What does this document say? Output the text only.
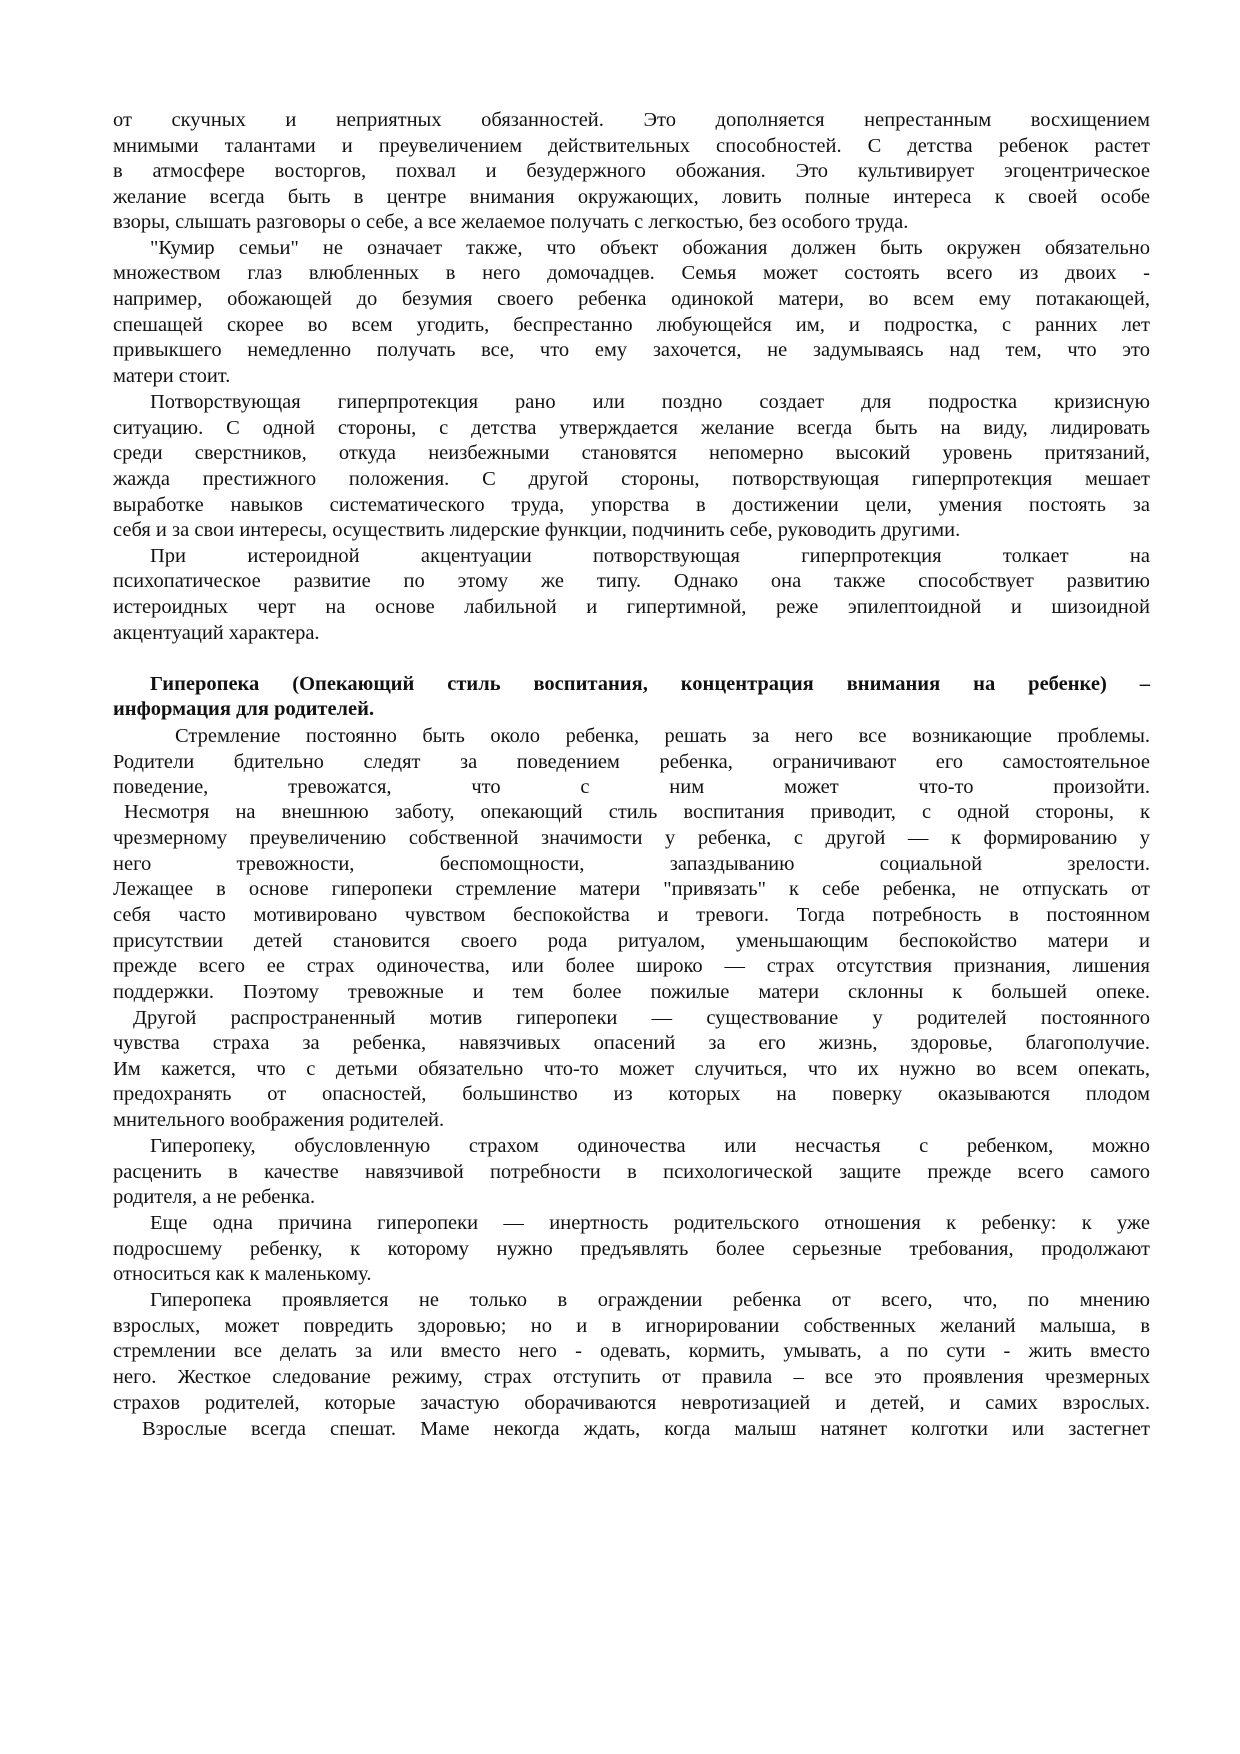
от скучных и неприятных обязанностей. Это дополняется непрестанным восхищением
мнимыми талантами и преувеличением действительных способностей. С детства ребенок растет
в атмосфере восторгов, похвал и безудержного обожания. Это культивирует эгоцентрическое
желание всегда быть в центре внимания окружающих, ловить полные интереса к своей особе
взоры, слышать разговоры о себе, а все желаемое получать с легкостью, без особого труда.
"Кумир семьи" не означает также, что объект обожания должен быть окружен обязательно
множеством глаз влюбленных в него домочадцев. Семья может состоять всего из двоих -
например, обожающей до безумия своего ребенка одинокой матери, во всем ему потакающей,
спешащей скорее во всем угодить, беспрестанно любующейся им, и подростка, с ранних лет
привыкшего немедленно получать все, что ему захочется, не задумываясь над тем, что это
матери стоит.
Потворствующая гиперпротекция рано или поздно создает для подростка кризисную
ситуацию. С одной стороны, с детства утверждается желание всегда быть на виду, лидировать
среди сверстников, откуда неизбежными становятся непомерно высокий уровень притязаний,
жажда престижного положения. С другой стороны, потворствующая гиперпротекция мешает
выработке навыков систематического труда, упорства в достижении цели, умения постоять за
себя и за свои интересы, осуществить лидерские функции, подчинить себе, руководить другими.
При истероидной акцентуации потворствующая гиперпротекция толкает на
психопатическое развитие по этому же типу. Однако она также способствует развитию
истероидных черт на основе лабильной и гипертимной, реже эпилептоидной и шизоидной
акцентуаций характера.
Гиперопека (Опекающий стиль воспитания, концентрация внимания на ребенке) –
информация для родителей.
Стремление постоянно быть около ребенка, решать за него все возникающие проблемы.
Родители бдительно следят за поведением ребенка, ограничивают его самостоятельное
поведение, тревожатся, что с ним может что-то произойти.
Несмотря на внешнюю заботу, опекающий стиль воспитания приводит, с одной стороны, к
чрезмерному преувеличению собственной значимости у ребенка, с другой — к формированию у
него тревожности, беспомощности, запаздыванию социальной зрелости.
Лежащее в основе гиперопеки стремление матери "привязать" к себе ребенка, не отпускать от
себя часто мотивировано чувством беспокойства и тревоги. Тогда потребность в постоянном
присутствии детей становится своего рода ритуалом, уменьшающим беспокойство матери и
прежде всего ее страх одиночества, или более широко — страх отсутствия признания, лишения
поддержки. Поэтому тревожные и тем более пожилые матери склонны к большей опеке.
Другой распространенный мотив гиперопеки — существование у родителей постоянного
чувства страха за ребенка, навязчивых опасений за его жизнь, здоровье, благополучие.
Им кажется, что с детьми обязательно что-то может случиться, что их нужно во всем опекать,
предохранять от опасностей, большинство из которых на поверку оказываются плодом
мнительного воображения родителей.
Гиперопеку, обусловленную страхом одиночества или несчастья с ребенком, можно
расценить в качестве навязчивой потребности в психологической защите прежде всего самого
родителя, а не ребенка.
Еще одна причина гиперопеки — инертность родительского отношения к ребенку: к уже
подросшему ребенку, к которому нужно предъявлять более серьезные требования, продолжают
относиться как к маленькому.
Гиперопека проявляется не только в ограждении ребенка от всего, что, по мнению
взрослых, может повредить здоровью; но и в игнорировании собственных желаний малыша, в
стремлении все делать за или вместо него - одевать, кормить, умывать, а по сути - жить вместо
него. Жесткое следование режиму, страх отступить от правила – все это проявления чрезмерных
страхов родителей, которые зачастую оборачиваются невротизацией и детей, и самих взрослых.
Взрослые всегда спешат. Маме некогда ждать, когда малыш натянет колготки или застегнет
